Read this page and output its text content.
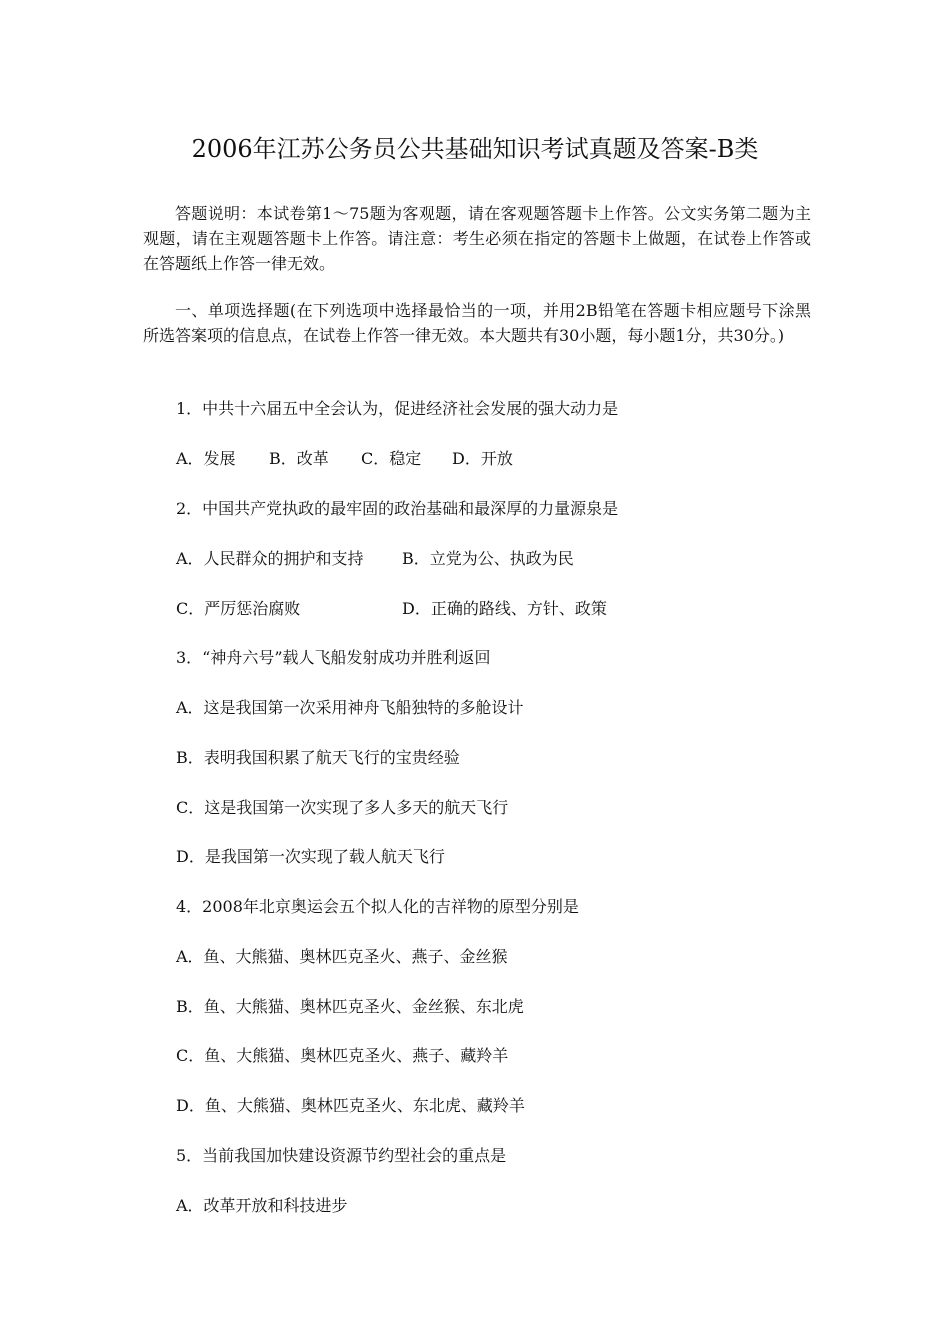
2006年江苏公务员公共基础知识考试真题及答案-B类
答题说明：本试卷第1～75题为客观题，请在客观题答题卡上作答。公文实务第二题为主观题，请在主观题答题卡上作答。请注意：考生必须在指定的答题卡上做题，在试卷上作答或在答题纸上作答一律无效。
一、单项选择题(在下列选项中选择最恰当的一项，并用2B铅笔在答题卡相应题号下涂黑所选答案项的信息点，在试卷上作答一律无效。本大题共有30小题，每小题1分，共30分。)
1．中共十六届五中全会认为，促进经济社会发展的强大动力是
A．发展 B．改革 C．稳定 D．开放
2．中国共产党执政的最牢固的政治基础和最深厚的力量源泉是
A．人民群众的拥护和支持 B．立党为公、执政为民
C．严厉惩治腐败	D．正确的路线、方针、政策
3．“神舟六号”载人飞船发射成功并胜利返回
A．这是我国第一次采用神舟飞船独特的多舱设计
B．表明我国积累了航天飞行的宝贵经验
C．这是我国第一次实现了多人多天的航天飞行
D．是我国第一次实现了载人航天飞行
4．2008年北京奥运会五个拟人化的吉祥物的原型分别是
A．鱼、大熊猫、奥林匹克圣火、燕子、金丝猴
B．鱼、大熊猫、奥林匹克圣火、金丝猴、东北虎
C．鱼、大熊猫、奥林匹克圣火、燕子、藏羚羊
D．鱼、大熊猫、奥林匹克圣火、东北虎、藏羚羊
5．当前我国加快建设资源节约型社会的重点是
A．改革开放和科技进步
